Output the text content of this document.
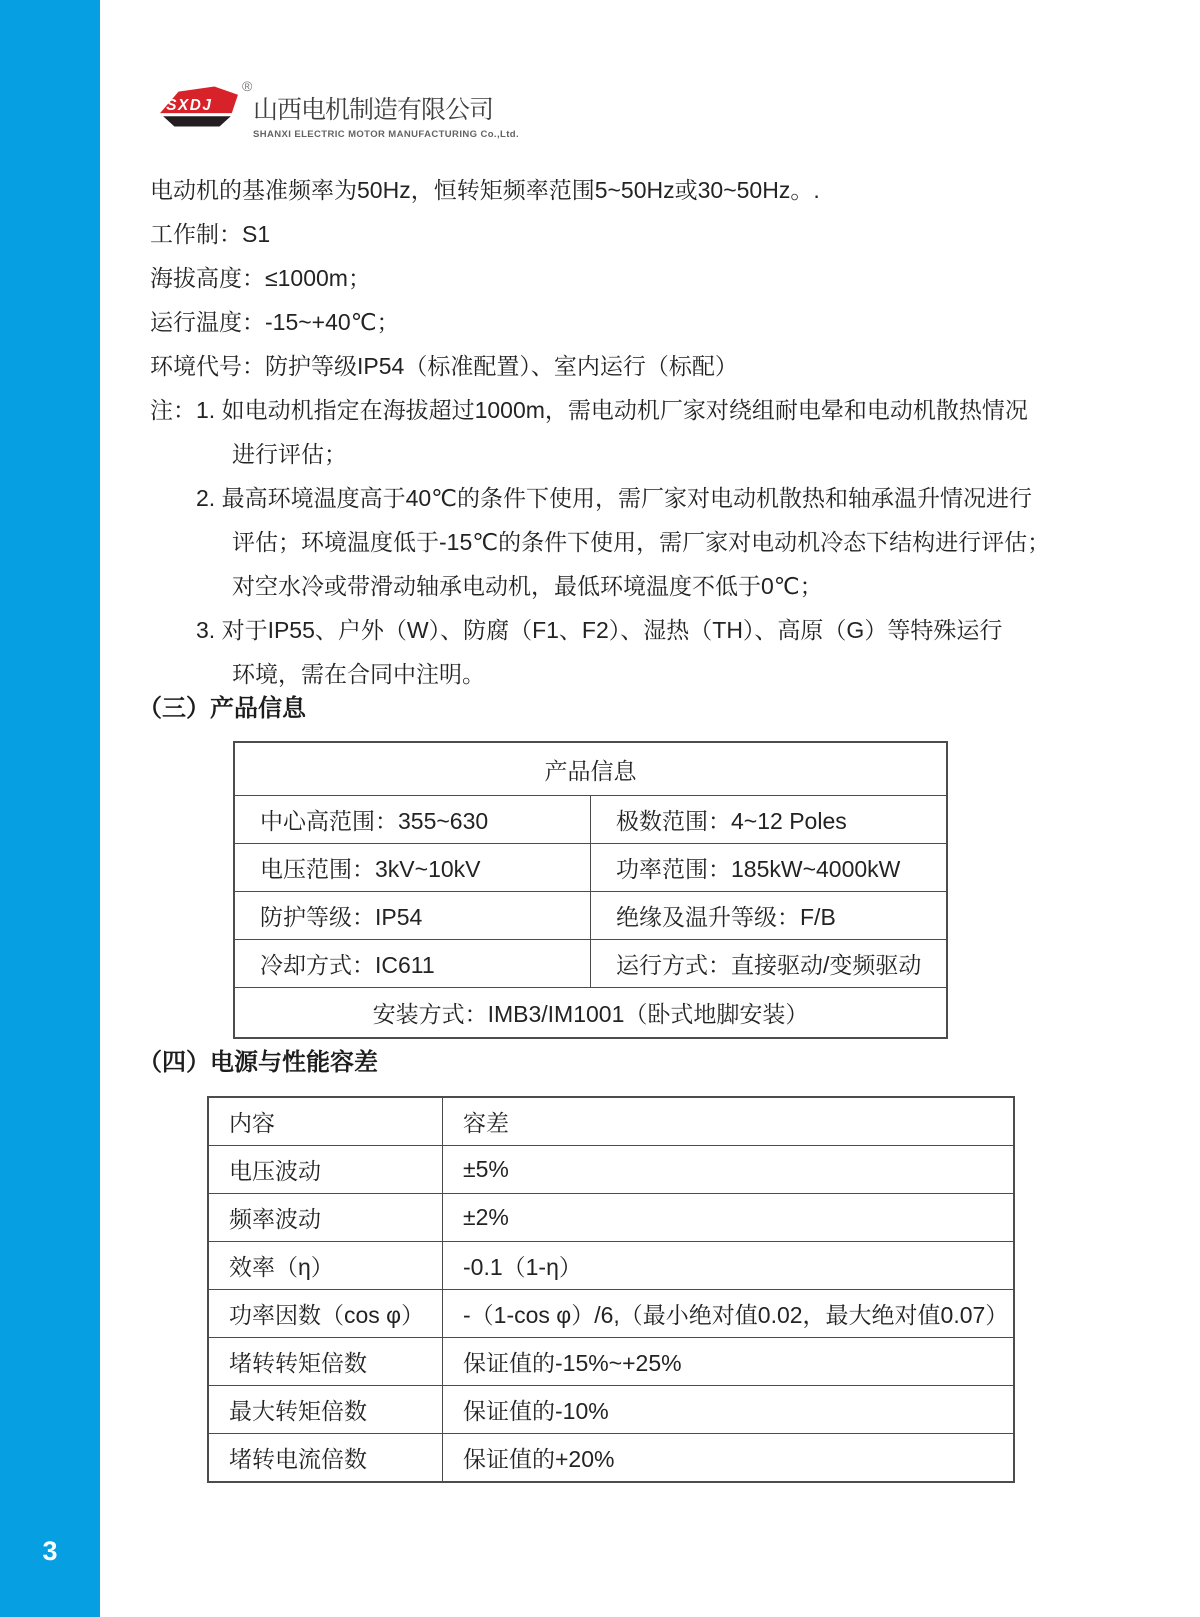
3
SXDJ
®
山西电机制造有限公司
SHANXI ELECTRIC MOTOR MANUFACTURING Co.,Ltd.

电动机的基准频率为50Hz，恒转矩频率范围5~50Hz或30~50Hz。.

工作制：S1

海拔高度：≤1000m；

运行温度：-15~+40℃；

环境代号：防护等级IP54（标准配置）、室内运行（标配）

注：1. 如电动机指定在海拔超过1000m，需电动机厂家对绕组耐电晕和电动机散热情况

进行评估；

2. 最高环境温度高于40℃的条件下使用，需厂家对电动机散热和轴承温升情况进行

评估；环境温度低于-15℃的条件下使用，需厂家对电动机冷态下结构进行评估；

对空水冷或带滑动轴承电动机，最低环境温度不低于0℃；

3. 对于IP55、户外（W）、防腐（F1、F2）、湿热（TH）、高原（G）等特殊运行

环境，需在合同中注明。

（三）产品信息
产品信息	
中心高范围：355~630	极数范围：4~12 Poles
电压范围：3kV~10kV	功率范围：185kW~4000kW
防护等级：IP54	绝缘及温升等级：F/B
冷却方式：IC611	运行方式：直接驱动/变频驱动
安装方式：IMB3/IM1001（卧式地脚安装）	
（四）电源与性能容差
内容	容差
电压波动	±5%
频率波动	±2%
效率（η）	-0.1（1-η）
功率因数（cos φ）	-（1-cos φ）/6,（最小绝对值0.02，最大绝对值0.07）
堵转转矩倍数	保证值的-15%~+25%
最大转矩倍数	保证值的-10%
堵转电流倍数	保证值的+20%
